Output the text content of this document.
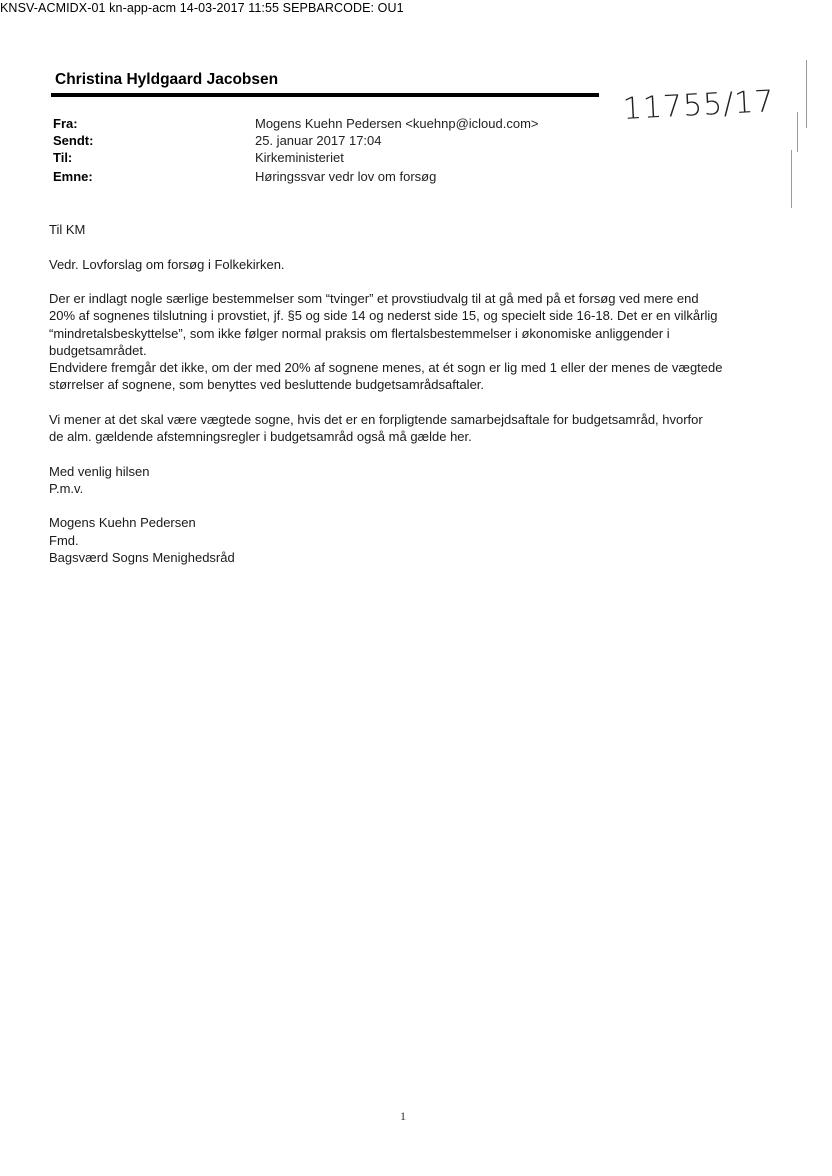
KNSV-ACMIDX-01 kn-app-acm 14-03-2017 11:55 SEPBARCODE: OU1
Christina Hyldgaard Jacobsen
11755/17
Fra:	Mogens Kuehn Pedersen <kuehnp@icloud.com>
Sendt:	25. januar 2017 17:04
Til:	Kirkeministeriet
Emne:	Høringssvar vedr lov om forsøg

Til KM

Vedr. Lovforslag om forsøg i Folkekirken.

Der er indlagt nogle særlige bestemmelser som “tvinger” et provstiudvalg til at gå med på et forsøg ved mere end
20% af sognenes tilslutning i provstiet, jf. §5 og side 14 og nederst side 15, og specielt side 16-18. Det er en vilkårlig
“mindretalsbeskyttelse”, som ikke følger normal praksis om flertalsbestemmelser i økonomiske anliggender i
budgetsamrådet.
Endvidere fremgår det ikke, om der med 20% af sognene menes, at ét sogn er lig med 1 eller der menes de vægtede
størrelser af sognene, som benyttes ved besluttende budgetsamrådsaftaler.

Vi mener at det skal være vægtede sogne, hvis det er en forpligtende samarbejdsaftale for budgetsamråd, hvorfor
de alm. gældende afstemningsregler i budgetsamråd også må gælde her.

Med venlig hilsen
P.m.v.

Mogens Kuehn Pedersen
Fmd.
Bagsværd Sogns Menighedsråd

1
